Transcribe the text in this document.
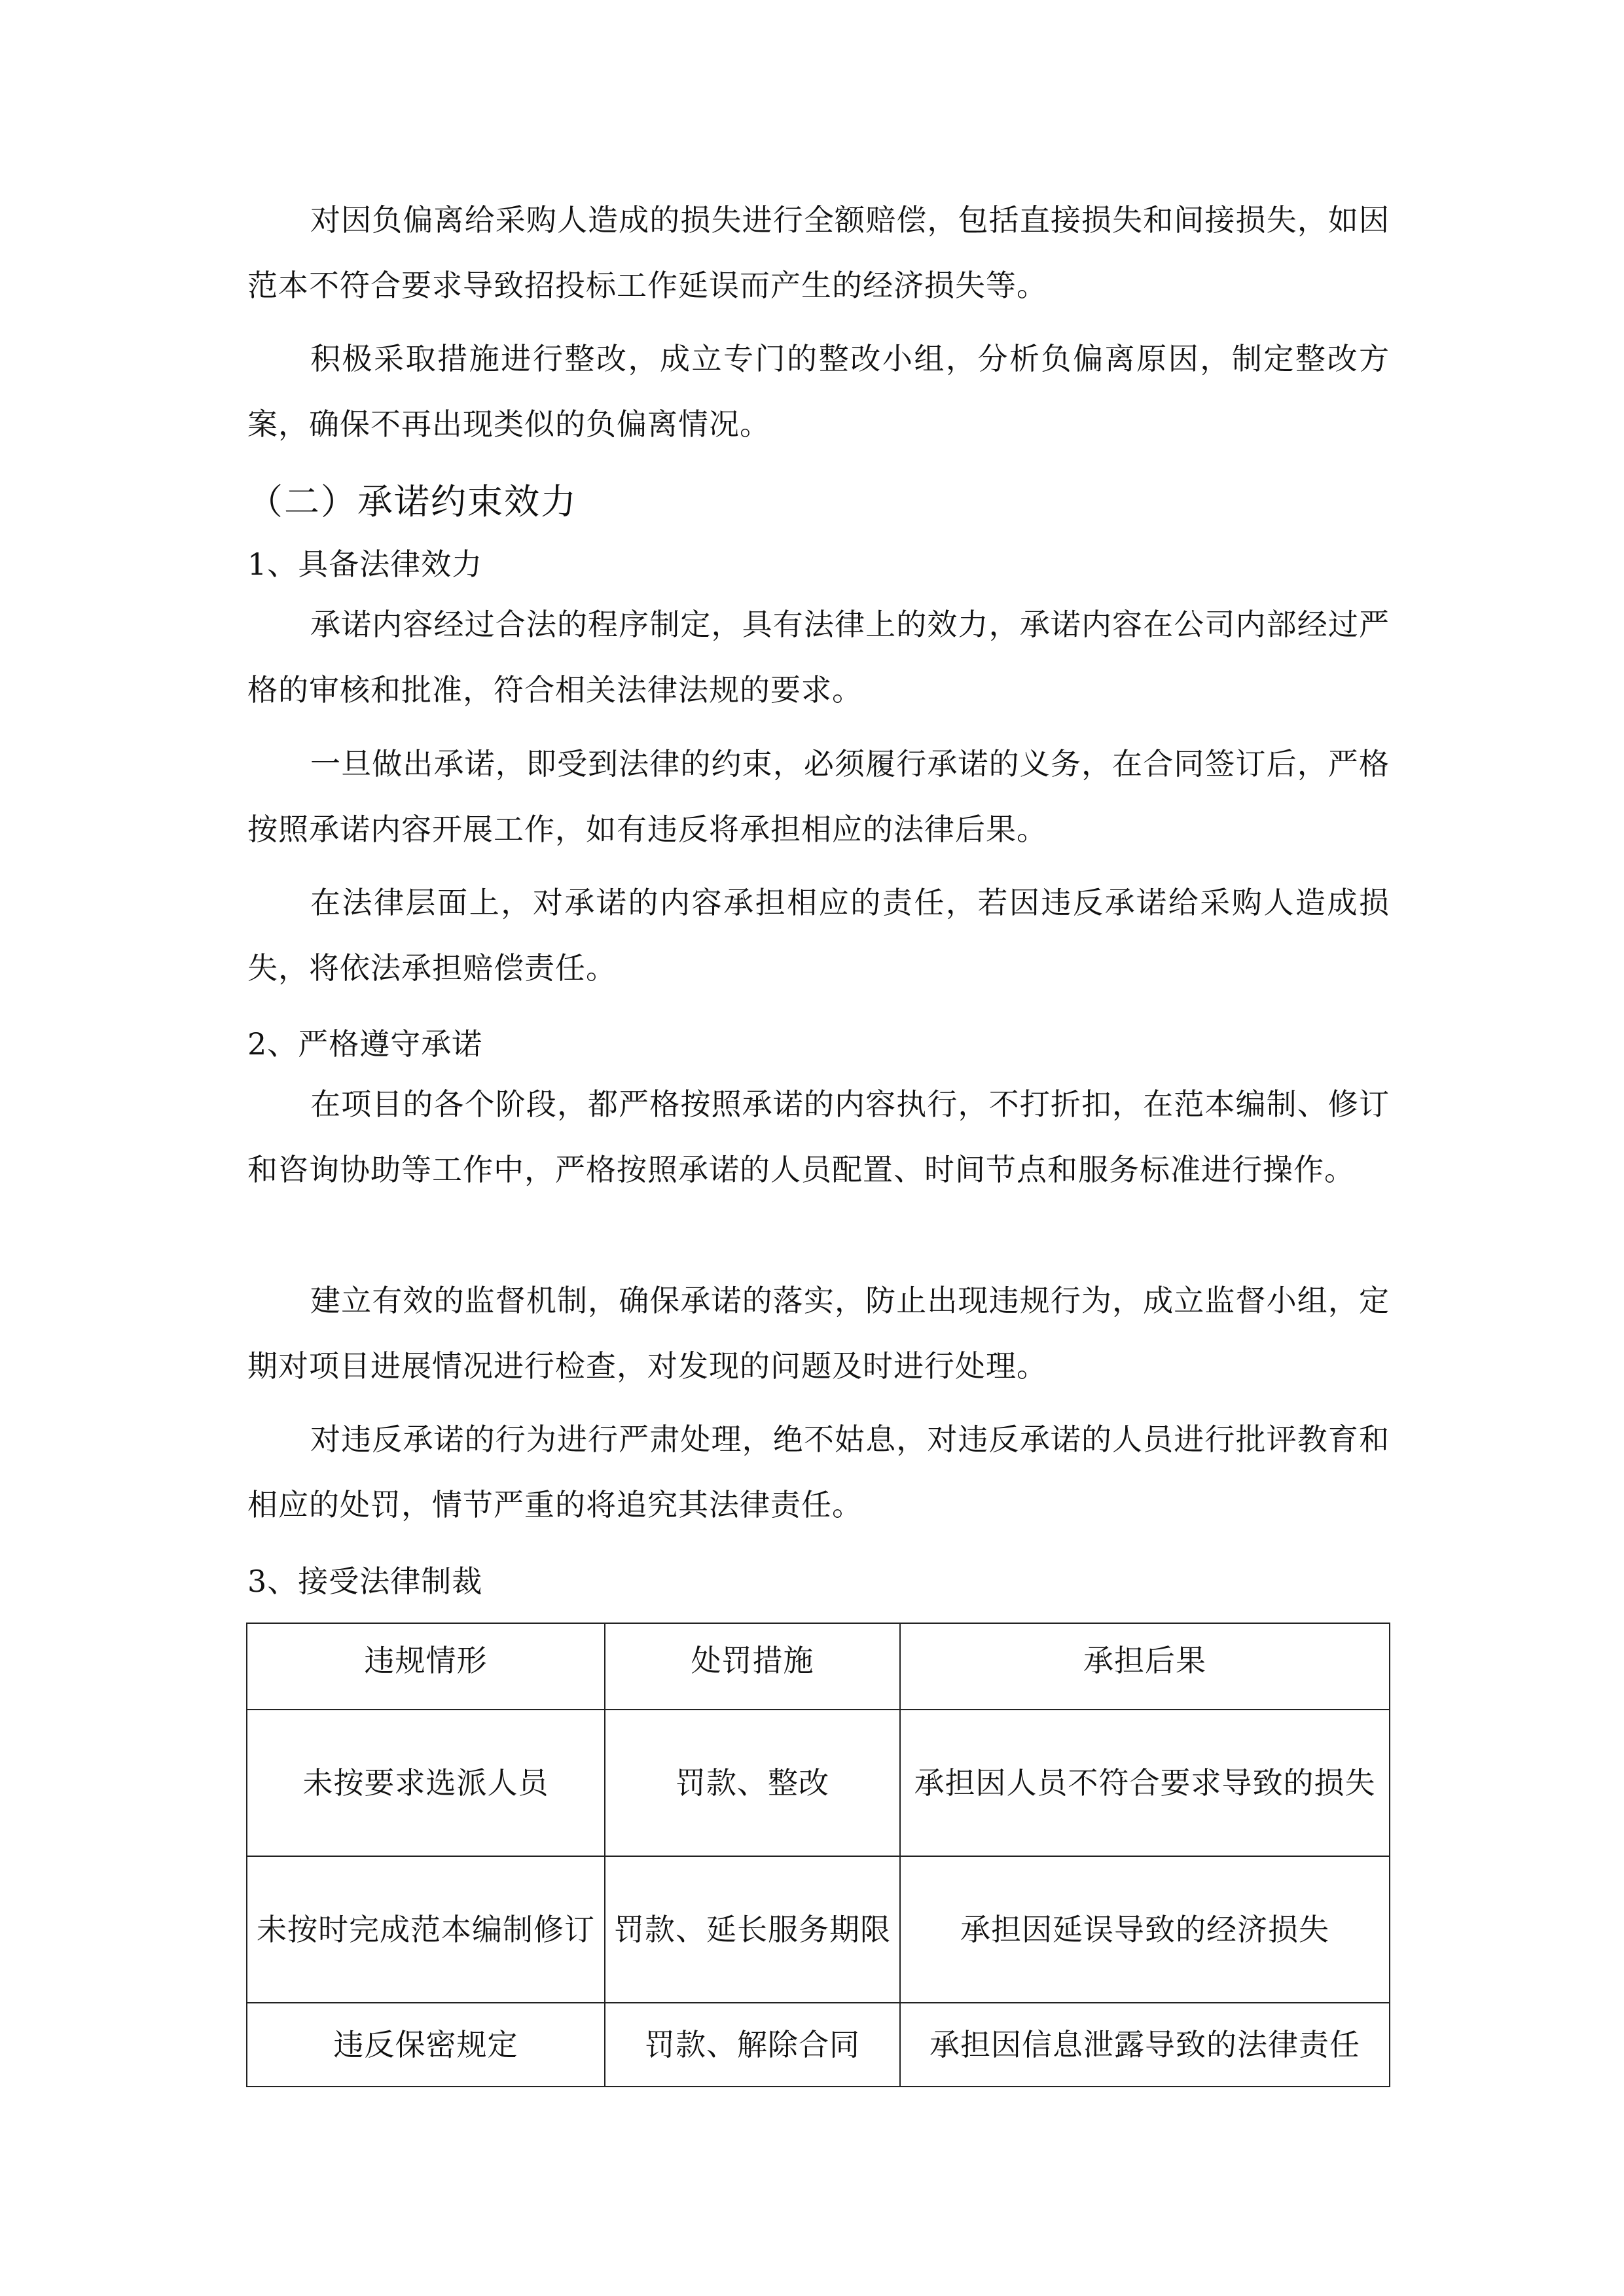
对因负偏离给采购人造成的损失进行全额赔偿，包括直接损失和间接损失，如因范本不符合要求导致招投标工作延误而产生的经济损失等。

积极采取措施进行整改，成立专门的整改小组，分析负偏离原因，制定整改方案，确保不再出现类似的负偏离情况。

（二）承诺约束效力
1、具备法律效力

承诺内容经过合法的程序制定，具有法律上的效力，承诺内容在公司内部经过严格的审核和批准，符合相关法律法规的要求。

一旦做出承诺，即受到法律的约束，必须履行承诺的义务，在合同签订后，严格按照承诺内容开展工作，如有违反将承担相应的法律后果。

在法律层面上，对承诺的内容承担相应的责任，若因违反承诺给采购人造成损失，将依法承担赔偿责任。

2、严格遵守承诺

在项目的各个阶段，都严格按照承诺的内容执行，不打折扣，在范本编制、修订和咨询协助等工作中，严格按照承诺的人员配置、时间节点和服务标准进行操作。

建立有效的监督机制，确保承诺的落实，防止出现违规行为，成立监督小组，定期对项目进展情况进行检查，对发现的问题及时进行处理。

对违反承诺的行为进行严肃处理，绝不姑息，对违反承诺的人员进行批评教育和相应的处罚，情节严重的将追究其法律责任。

3、接受法律制裁
违规情形	处罚措施	承担后果
未按要求选派人员	罚款、整改	承担因人员不符合要求导致的损失
未按时完成范本编制修订	罚款、延长服务期限	承担因延误导致的经济损失
违反保密规定	罚款、解除合同	承担因信息泄露导致的法律责任
